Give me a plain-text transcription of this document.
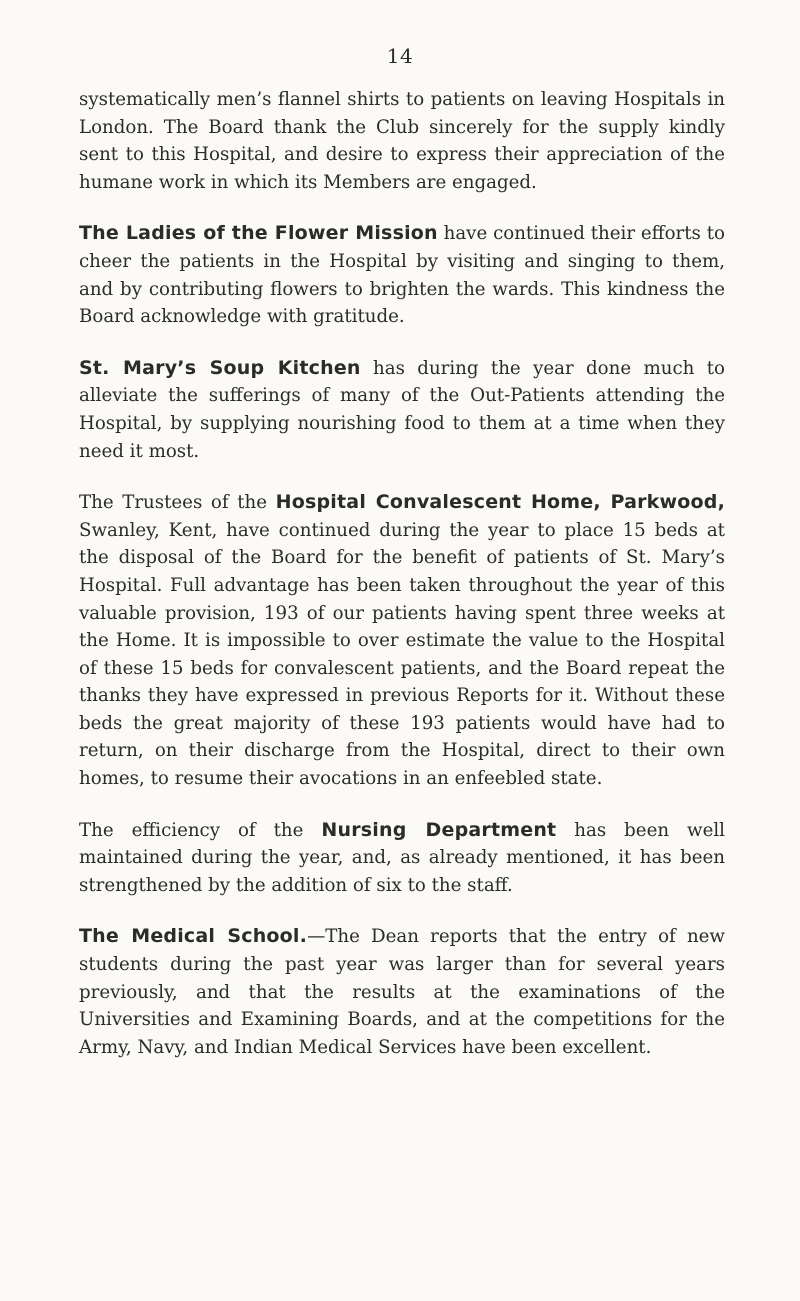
14

systematically men’s flannel shirts to patients on leaving Hospitals in London. The Board thank the Club sincerely for the supply kindly sent to this Hospital, and desire to express their appreciation of the humane work in which its Members are engaged.

The Ladies of the Flower Mission have continued their efforts to cheer the patients in the Hospital by visiting and singing to them, and by contributing flowers to brighten the wards. This kindness the Board acknowledge with gratitude.

St. Mary’s Soup Kitchen has during the year done much to alleviate the sufferings of many of the Out-Patients attending the Hospital, by supplying nourishing food to them at a time when they need it most.

The Trustees of the Hospital Convalescent Home, Parkwood, Swanley, Kent, have continued during the year to place 15 beds at the disposal of the Board for the benefit of patients of St. Mary’s Hospital. Full advantage has been taken throughout the year of this valuable provision, 193 of our patients having spent three weeks at the Home. It is impossible to over estimate the value to the Hospital of these 15 beds for convalescent patients, and the Board repeat the thanks they have expressed in previous Reports for it. Without these beds the great majority of these 193 patients would have had to return, on their discharge from the Hospital, direct to their own homes, to resume their avocations in an enfeebled state.

The efficiency of the Nursing Department has been well maintained during the year, and, as already mentioned, it has been strengthened by the addition of six to the staff.

The Medical School.—The Dean reports that the entry of new students during the past year was larger than for several years previously, and that the results at the examinations of the Universities and Examining Boards, and at the competitions for the Army, Navy, and Indian Medical Services have been excellent.
